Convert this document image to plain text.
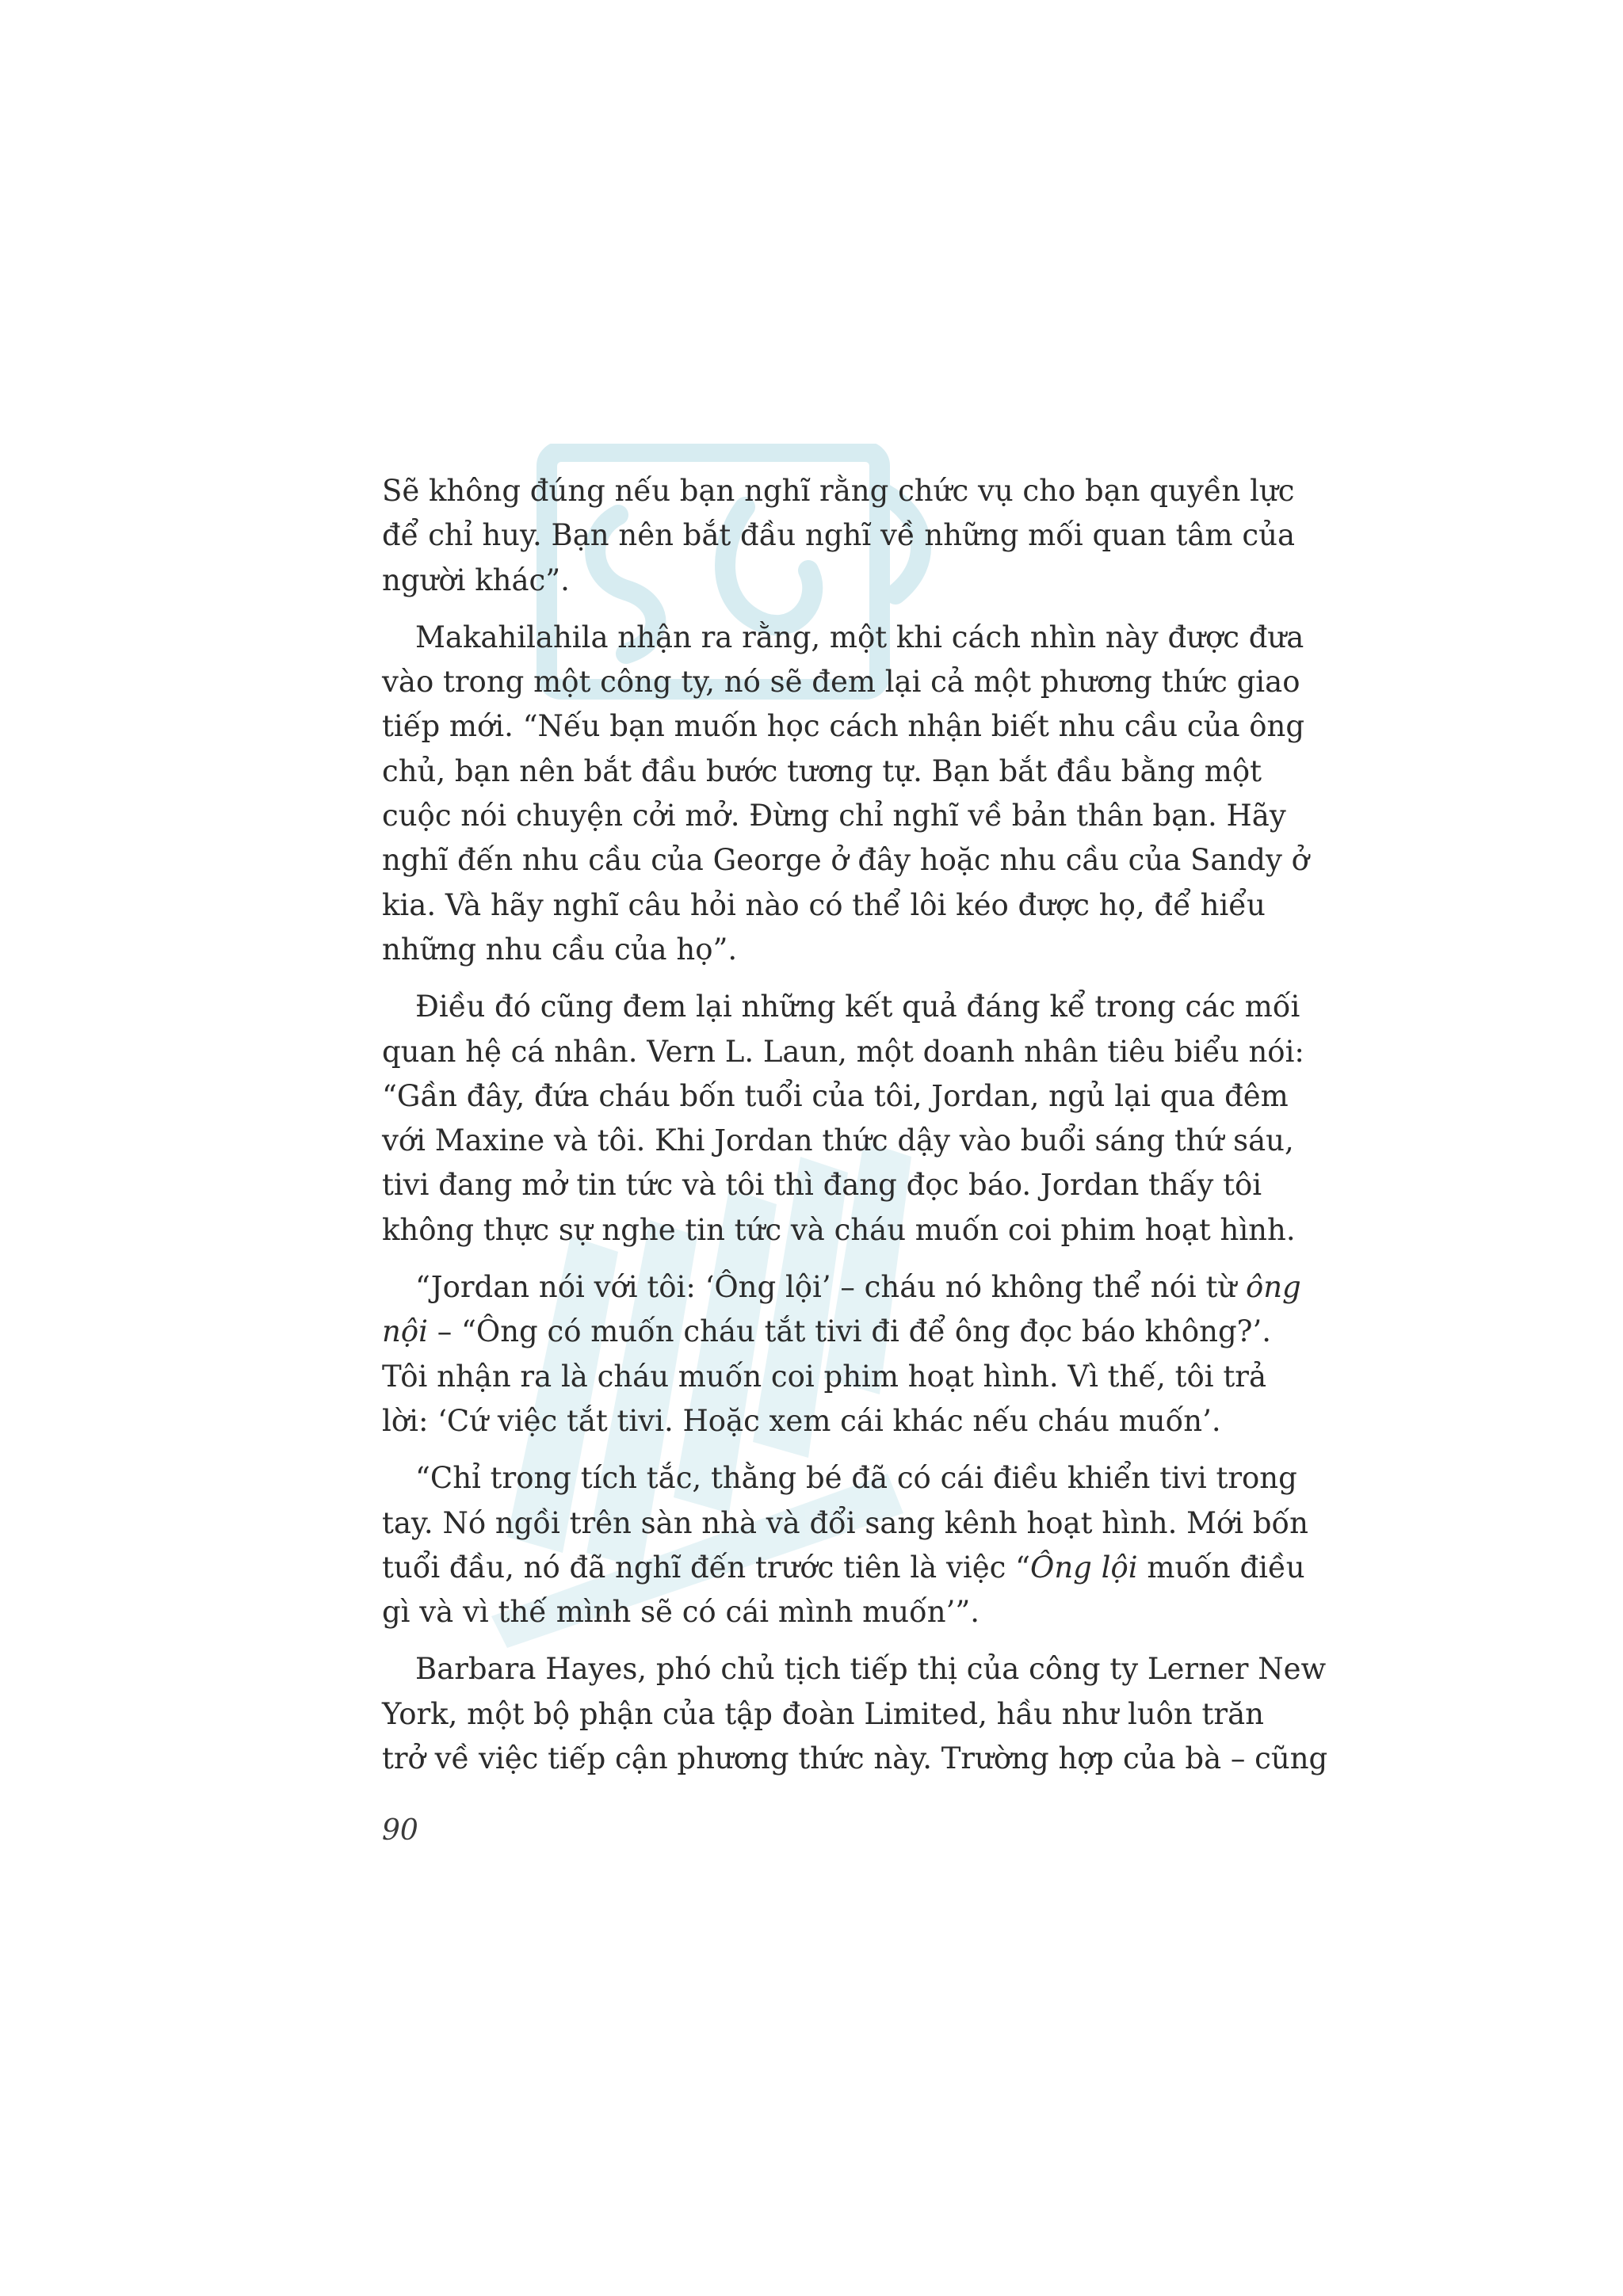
Sẽ không đúng nếu bạn nghĩ rằng chức vụ cho bạn quyền lực
để chỉ huy. Bạn nên bắt đầu nghĩ về những mối quan tâm của
người khác”.
Makahilahila nhận ra rằng, một khi cách nhìn này được đưa
vào trong một công ty, nó sẽ đem lại cả một phương thức giao
tiếp mới. “Nếu bạn muốn học cách nhận biết nhu cầu của ông
chủ, bạn nên bắt đầu bước tương tự. Bạn bắt đầu bằng một
cuộc nói chuyện cởi mở. Đừng chỉ nghĩ về bản thân bạn. Hãy
nghĩ đến nhu cầu của George ở đây hoặc nhu cầu của Sandy ở
kia. Và hãy nghĩ câu hỏi nào có thể lôi kéo được họ, để hiểu
những nhu cầu của họ”.
Điều đó cũng đem lại những kết quả đáng kể trong các mối
quan hệ cá nhân. Vern L. Laun, một doanh nhân tiêu biểu nói:
“Gần đây, đứa cháu bốn tuổi của tôi, Jordan, ngủ lại qua đêm
với Maxine và tôi. Khi Jordan thức dậy vào buổi sáng thứ sáu,
tivi đang mở tin tức và tôi thì đang đọc báo. Jordan thấy tôi
không thực sự nghe tin tức và cháu muốn coi phim hoạt hình.
“Jordan nói với tôi: ‘Ông lội’ – cháu nó không thể nói từ ông
nội – “Ông có muốn cháu tắt tivi đi để ông đọc báo không?’.
Tôi nhận ra là cháu muốn coi phim hoạt hình. Vì thế, tôi trả
lời: ‘Cứ việc tắt tivi. Hoặc xem cái khác nếu cháu muốn’.
“Chỉ trong tích tắc, thằng bé đã có cái điều khiển tivi trong
tay. Nó ngồi trên sàn nhà và đổi sang kênh hoạt hình. Mới bốn
tuổi đầu, nó đã nghĩ đến trước tiên là việc “Ông lội muốn điều
gì và vì thế mình sẽ có cái mình muốn’”.
Barbara Hayes, phó chủ tịch tiếp thị của công ty Lerner New
York, một bộ phận của tập đoàn Limited, hầu như luôn trăn
trở về việc tiếp cận phương thức này. Trường hợp của bà – cũng
90
